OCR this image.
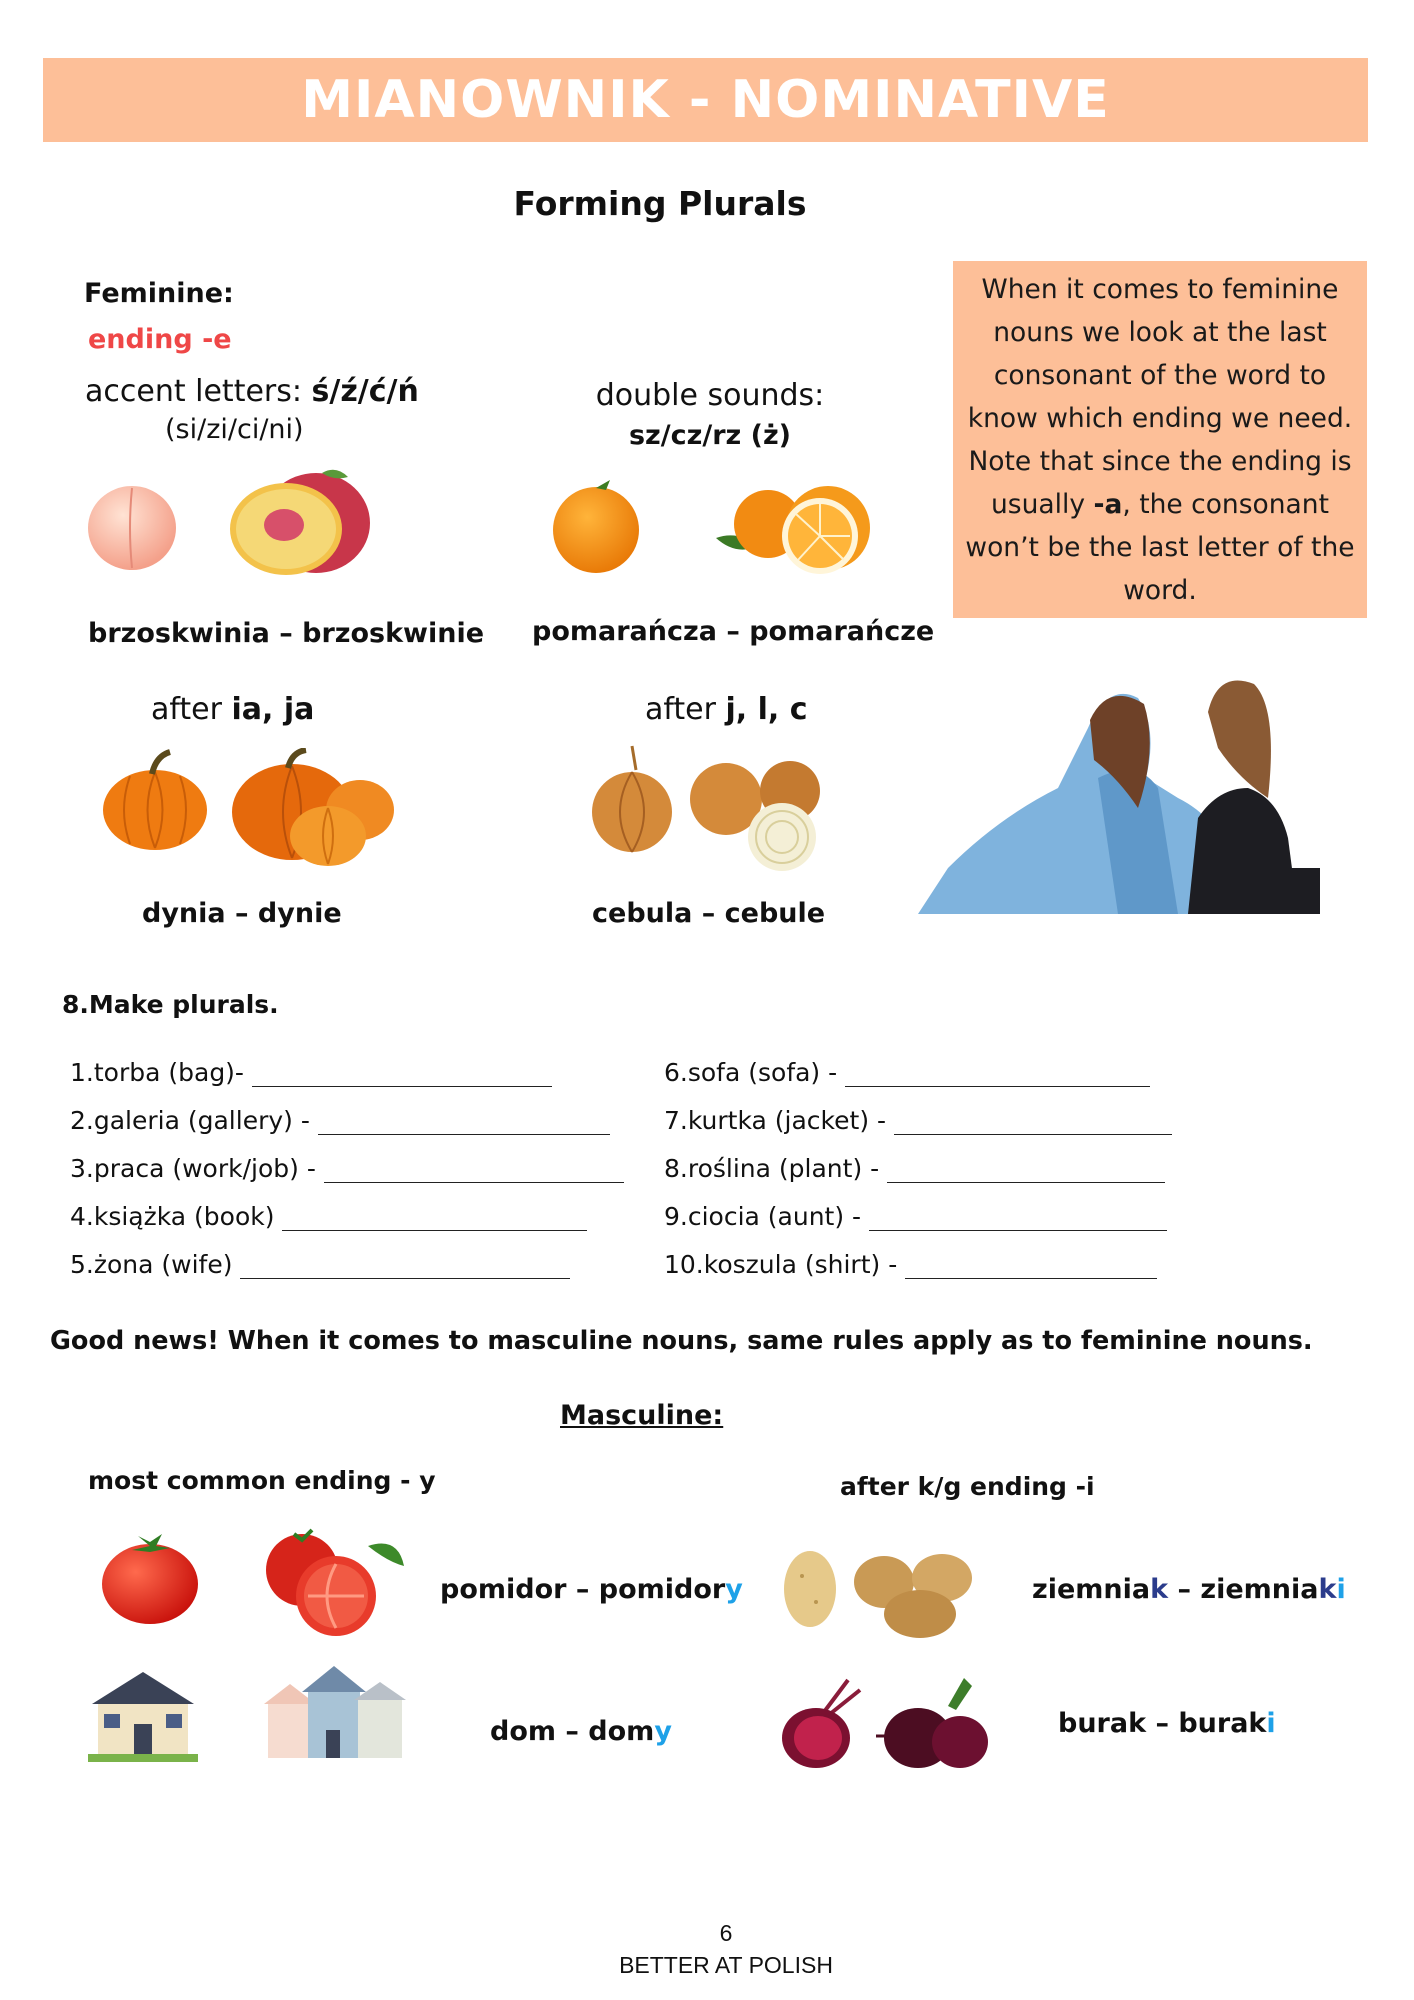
MIANOWNIK - NOMINATIVE
Forming Plurals
Feminine:
ending -e
accent letters: ś/ź/ć/ń
(si/zi/ci/ni)
double sounds:
sz/cz/rz (ż)
brzoskwinia – brzoskwinie pomarańcza – pomarańcze
When it comes to feminine nouns we look at the last consonant of the word to know which ending we need. Note that since the ending is usually -a, the consonant won’t be the last letter of the word.
after ia, ja	after j, l, c
dynia – dynie	cebula – cebule
8.Make plurals.
1.torba (bag)-
2.galeria (gallery) -
3.praca (work/job) -
4.książka (book)
5.żona (wife)
6.sofa (sofa) -
7.kurtka (jacket) -
8.roślina (plant) -
9.ciocia (aunt) -
10.koszula (shirt) -
Good news! When it comes to masculine nouns, same rules apply as to feminine nouns.
Masculine:
most common ending - y	after k/g ending -i
pomidor – pomidory	ziemniak – ziemniaki
dom – domy	burak – buraki
6
BETTER AT POLISH
